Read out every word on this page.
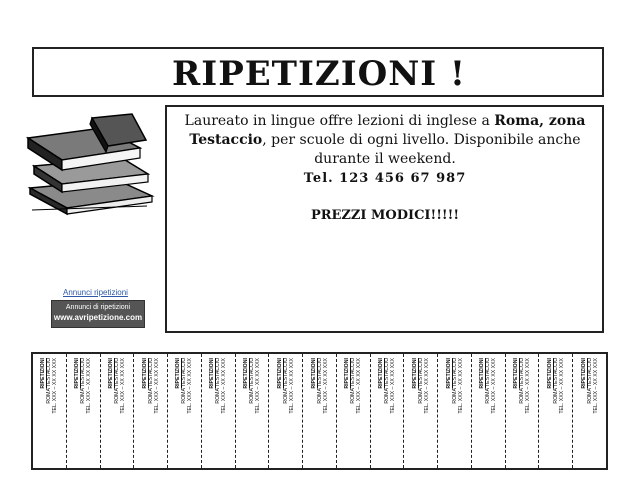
RIPETIZIONI !
Laureato in lingue offre lezioni di inglese a Roma, zona Testaccio, per scuole di ogni livello. Disponibile anche durante il weekend.
Tel. 123 456 67 987
PREZZI MODICI!!!!!
Annunci ripetizioni
Annunci di ripetizioni
www.avripetizione.com
RIPETIZIONI ROMA TESTACCIO TEL. XXX – XX XX XXX	RIPETIZIONI ROMA TESTACCIO TEL. XXX – XX XX XXX	RIPETIZIONI ROMA TESTACCIO TEL. XXX – XX XX XXX	RIPETIZIONI ROMA TESTACCIO TEL. XXX – XX XX XXX	RIPETIZIONI ROMA TESTACCIO TEL. XXX – XX XX XXX	RIPETIZIONI ROMA TESTACCIO TEL. XXX – XX XX XXX	RIPETIZIONI ROMA TESTACCIO TEL. XXX – XX XX XXX	RIPETIZIONI ROMA TESTACCIO TEL. XXX – XX XX XXX	RIPETIZIONI ROMA TESTACCIO TEL. XXX – XX XX XXX	RIPETIZIONI ROMA TESTACCIO TEL. XXX – XX XX XXX	RIPETIZIONI ROMA TESTACCIO TEL. XXX – XX XX XXX	RIPETIZIONI ROMA TESTACCIO TEL. XXX – XX XX XXX	RIPETIZIONI ROMA TESTACCIO TEL. XXX – XX XX XXX	RIPETIZIONI ROMA TESTACCIO TEL. XXX – XX XX XXX	RIPETIZIONI ROMA TESTACCIO TEL. XXX – XX XX XXX	RIPETIZIONI ROMA TESTACCIO TEL. XXX – XX XX XXX	RIPETIZIONI ROMA TESTACCIO TEL. XXX – XX XX XXX
